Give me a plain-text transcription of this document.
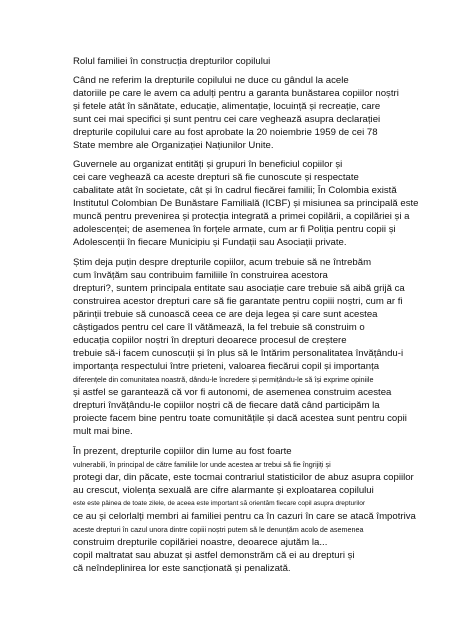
Rolul familiei în construcția drepturilor copilului
Când ne referim la drepturile copilului ne duce cu gândul la acele
datoriile pe care le avem ca adulți pentru a garanta bunăstarea copiilor noștri
și fetele atât în sănătate, educație, alimentație, locuință și recreație, care
sunt cei mai specifici și sunt pentru cei care veghează asupra declarației
drepturile copilului care au fost aprobate la 20 noiembrie 1959 de cei 78
State membre ale Organizației Națiunilor Unite.
Guvernele au organizat entități și grupuri în beneficiul copiilor și
cei care veghează ca aceste drepturi să fie cunoscute și respectate
cabalitate atât în societate, cât și în cadrul fiecărei familii; În Colombia există
Institutul Colombian De Bunăstare Familială (ICBF) și misiunea sa principală este
muncă pentru prevenirea și protecția integrată a primei copilării, a copilăriei și a
adolescenței; de asemenea în forțele armate, cum ar fi Poliția pentru copii și
Adolescenții în fiecare Municipiu și Fundații sau Asociații private.
Știm deja puțin despre drepturile copiilor, acum trebuie să ne întrebăm
cum învățăm sau contribuim familiile în construirea acestora
drepturi?, suntem principala entitate sau asociație care trebuie să aibă grijă ca
construirea acestor drepturi care să fie garantate pentru copiii noștri, cum ar fi
părinții trebuie să cunoască ceea ce are deja legea și care sunt acestea
câștigados pentru cel care îl vătămează, la fel trebuie să construim o
educația copiilor noștri în drepturi deoarece procesul de creștere
trebuie să-i facem cunoscuții și în plus să le întărim personalitatea învățându-i
importanța respectului între prieteni, valoarea fiecărui copil și importanța
diferențele din comunitatea noastră, dându-le încredere și permițându-le să își exprime opiniile
și astfel se garantează că vor fi autonomi, de asemenea construim acestea
drepturi învățându-le copiilor noștri că de fiecare dată când participăm la
proiecte facem bine pentru toate comunitățile și dacă acestea sunt pentru copii
mult mai bine.
În prezent, drepturile copiilor din lume au fost foarte
vulnerabili, în principal de către familiile lor unde acestea ar trebui să fie îngrijiți și
protegi dar, din păcate, este tocmai contrariul statisticilor de abuz asupra copiilor
au crescut, violența sexuală are cifre alarmante și exploatarea copilului
este este pâinea de toate zilele, de aceea este important să orientăm fiecare copil asupra drepturilor
ce au și celorlalți membri ai familiei pentru ca în cazuri în care se atacă împotriva
aceste drepturi în cazul unora dintre copiii noștri putem să le denunțăm acolo de asemenea
construim drepturile copilăriei noastre, deoarece ajutăm la...
copil maltratat sau abuzat și astfel demonstrăm că ei au drepturi și
că neîndeplinirea lor este sancționată și penalizată.
